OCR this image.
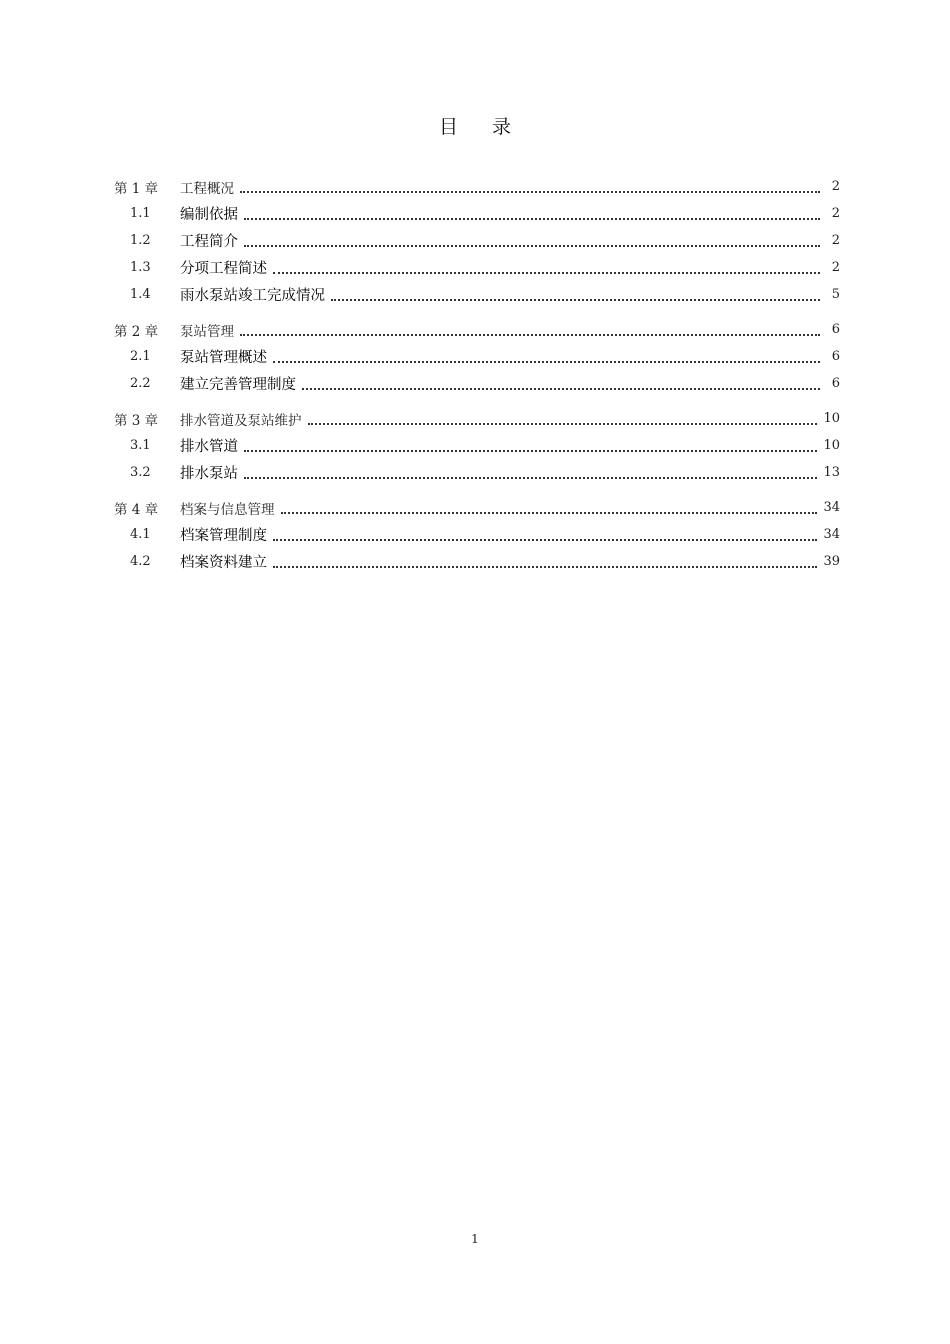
目 录
第 1 章	工程概况	2
1.1	编制依据	2
1.2	工程简介	2
1.3	分项工程简述	2
1.4	雨水泵站竣工完成情况	5
第 2 章	泵站管理	6
2.1	泵站管理概述	6
2.2	建立完善管理制度	6
第 3 章	排水管道及泵站维护	10
3.1	排水管道	10
3.2	排水泵站	13
第 4 章	档案与信息管理	34
4.1	档案管理制度	34
4.2	档案资料建立	39
1
